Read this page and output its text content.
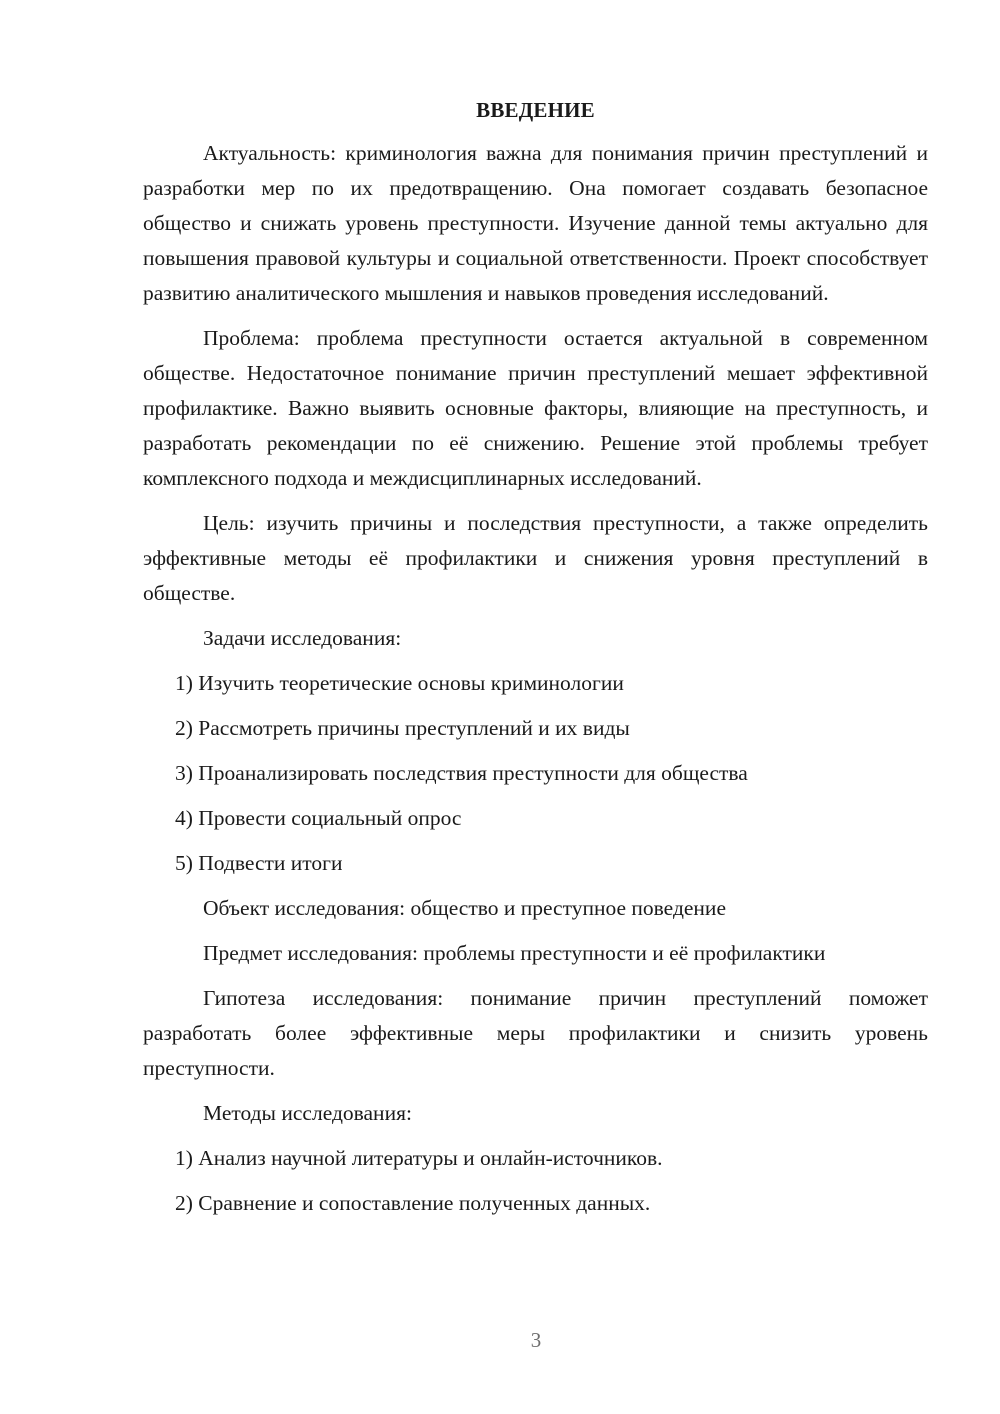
ВВЕДЕНИЕ

Актуальность: криминология важна для понимания причин преступлений и разработки мер по их предотвращению. Она помогает создавать безопасное общество и снижать уровень преступности. Изучение данной темы актуально для повышения правовой культуры и социальной ответственности. Проект способствует развитию аналитического мышления и навыков проведения исследований.

Проблема: проблема преступности остается актуальной в современном обществе. Недостаточное понимание причин преступлений мешает эффективной профилактике. Важно выявить основные факторы, влияющие на преступность, и разработать рекомендации по её снижению. Решение этой проблемы требует комплексного подхода и междисциплинарных исследований.

Цель: изучить причины и последствия преступности, а также определить эффективные методы её профилактики и снижения уровня преступлений в обществе.

Задачи исследования:

1) Изучить теоретические основы криминологии
2) Рассмотреть причины преступлений и их виды
3) Проанализировать последствия преступности для общества
4) Провести социальный опрос
5) Подвести итоги

Объект исследования: общество и преступное поведение

Предмет исследования: проблемы преступности и её профилактики

Гипотеза исследования: понимание причин преступлений поможет разработать более эффективные меры профилактики и снизить уровень преступности.

Методы исследования:

1) Анализ научной литературы и онлайн-источников.
2) Сравнение и сопоставление полученных данных.
3
